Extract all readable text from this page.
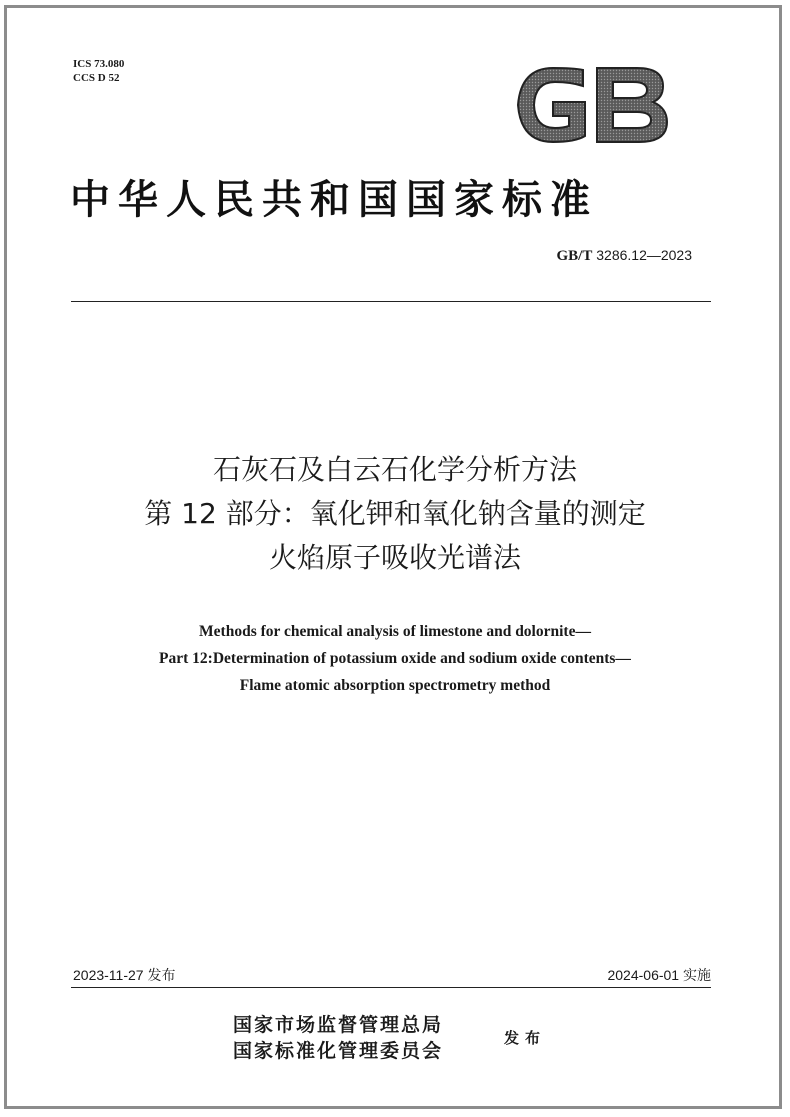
ICS 73.080
CCS D 52
中华人民共和国国家标准
GB/T 3286.12—2023
石灰石及白云石化学分析方法
第 12 部分：氧化钾和氧化钠含量的测定
火焰原子吸收光谱法
Methods for chemical analysis of limestone and dolornite—
Part 12:Determination of potassium oxide and sodium oxide contents—
Flame atomic absorption spectrometry method
2023-11-27 发布	2024-06-01 实施
国家市场监督管理总局
国家标准化管理委员会
发布
